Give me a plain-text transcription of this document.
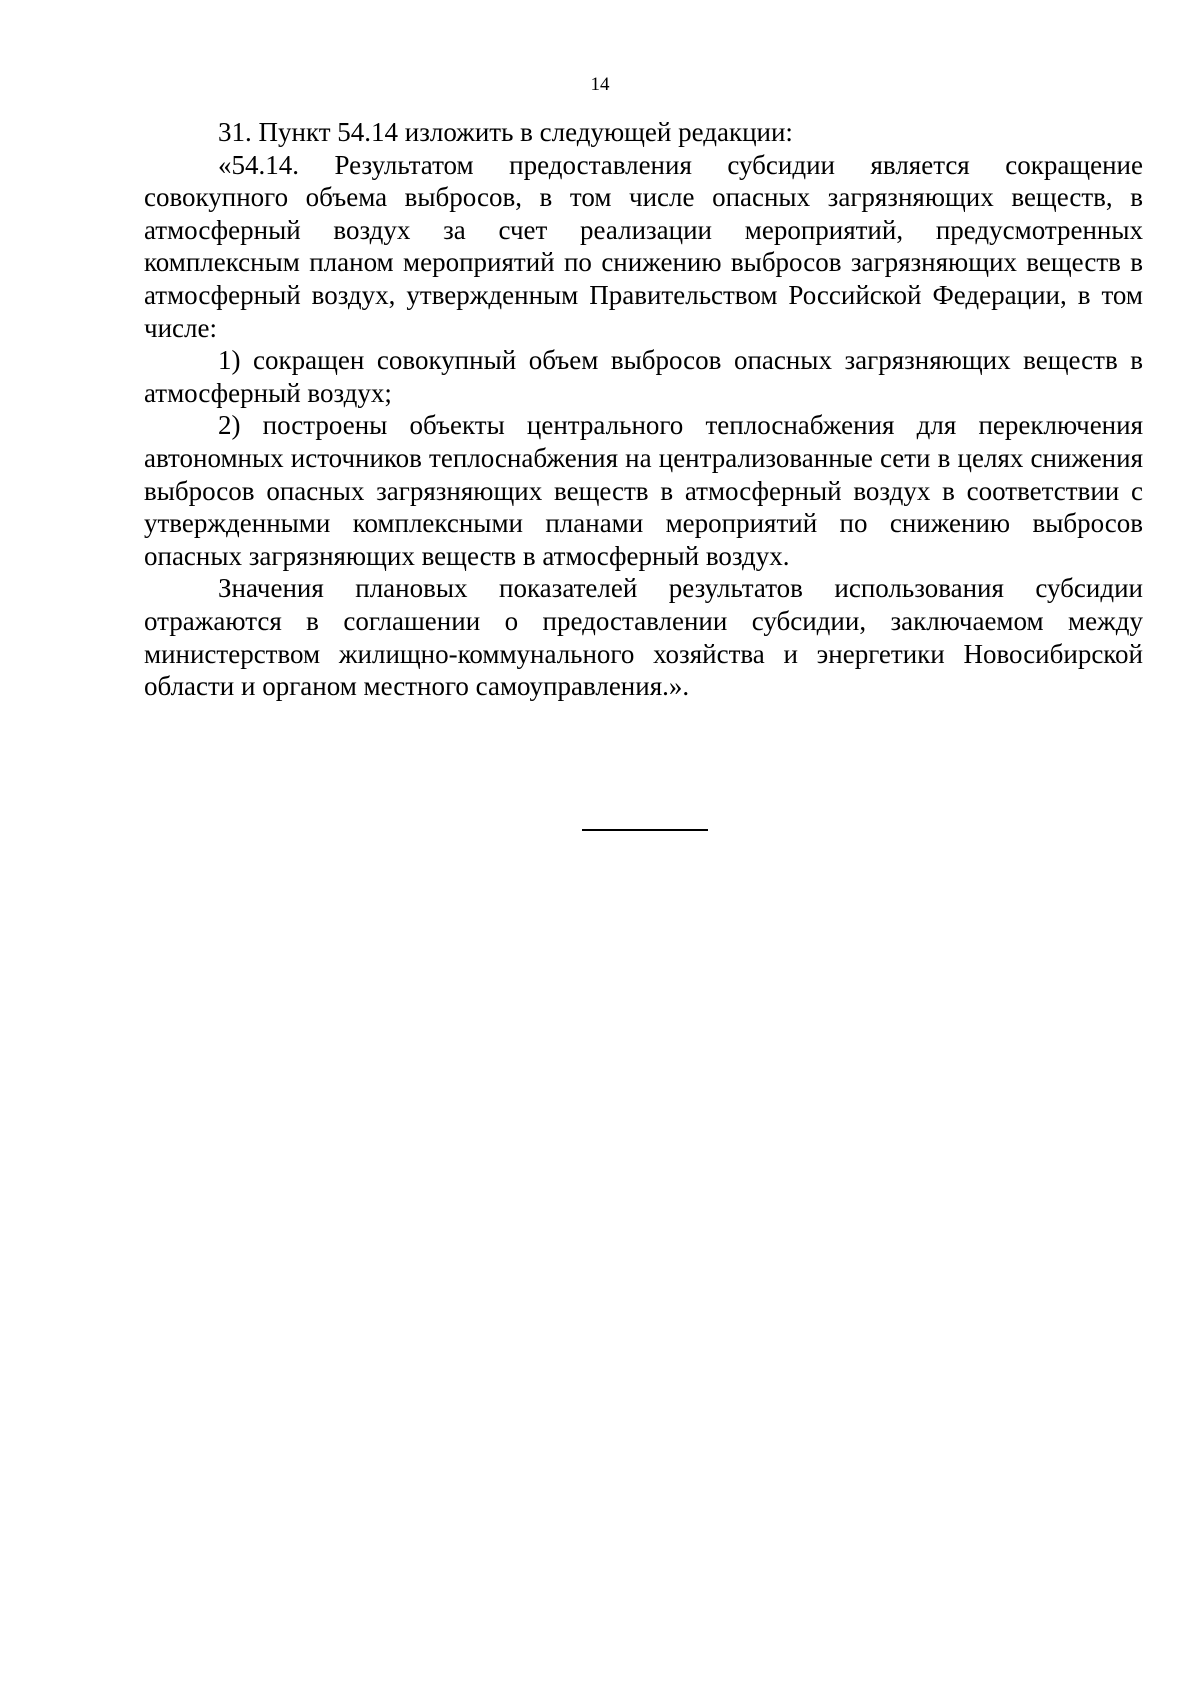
14

31. Пункт 54.14 изложить в следующей редакции:

«54.14. Результатом предоставления субсидии является сокращение совокупного объема выбросов, в том числе опасных загрязняющих веществ, в атмосферный воздух за счет реализации мероприятий, предусмотренных комплексным планом мероприятий по снижению выбросов загрязняющих веществ в атмосферный воздух, утвержденным Правительством Российской Федерации, в том числе:

1) сокращен совокупный объем выбросов опасных загрязняющих веществ в атмосферный воздух;

2) построены объекты центрального теплоснабжения для переключения автономных источников теплоснабжения на централизованные сети в целях снижения выбросов опасных загрязняющих веществ в атмосферный воздух в соответствии с утвержденными комплексными планами мероприятий по снижению выбросов опасных загрязняющих веществ в атмосферный воздух.

Значения плановых показателей результатов использования субсидии отражаются в соглашении о предоставлении субсидии, заключаемом между министерством жилищно-коммунального хозяйства и энергетики Новосибирской области и органом местного самоуправления.».
